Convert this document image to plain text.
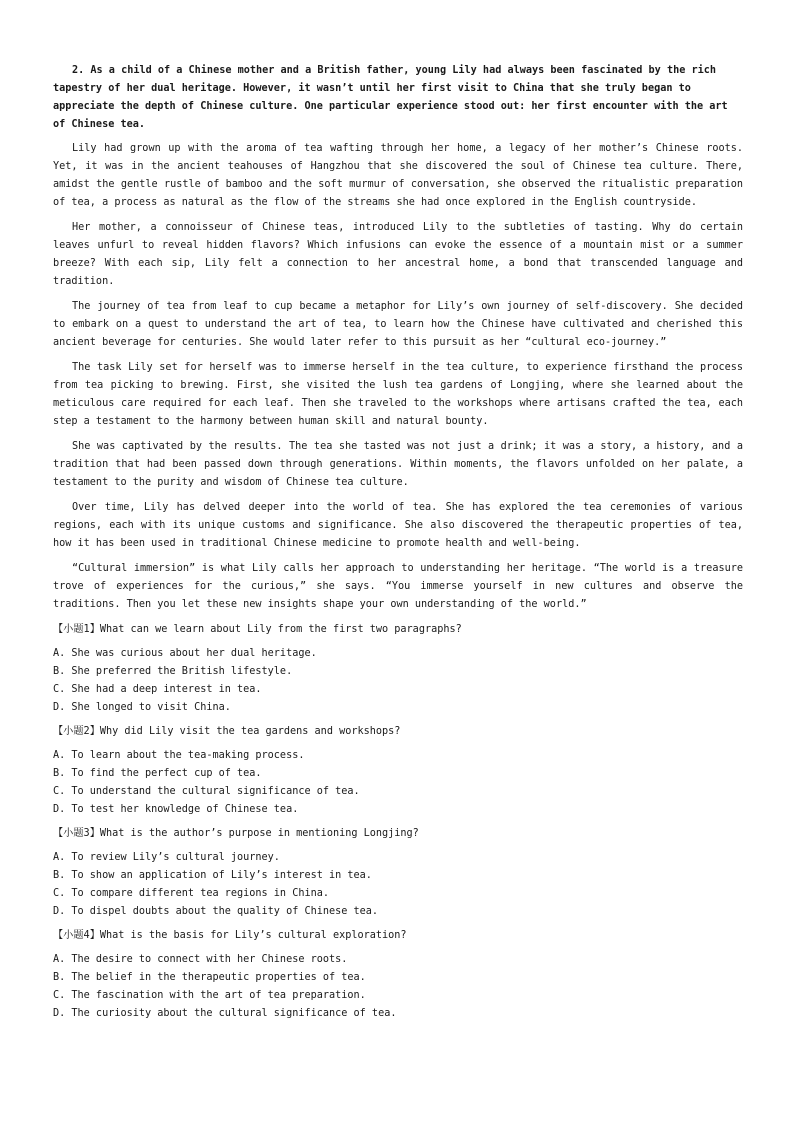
2. As a child of a Chinese mother and a British father, young Lily had always been fascinated by the rich tapestry of her dual heritage. However, it wasn’t until her first visit to China that she truly began to appreciate the depth of Chinese culture. One particular experience stood out: her first encounter with the art of Chinese tea.

Lily had grown up with the aroma of tea wafting through her home, a legacy of her mother’s Chinese roots. Yet, it was in the ancient teahouses of Hangzhou that she discovered the soul of Chinese tea culture. There, amidst the gentle rustle of bamboo and the soft murmur of conversation, she observed the ritualistic preparation of tea, a process as natural as the flow of the streams she had once explored in the English countryside.

Her mother, a connoisseur of Chinese teas, introduced Lily to the subtleties of tasting. Why do certain leaves unfurl to reveal hidden flavors? Which infusions can evoke the essence of a mountain mist or a summer breeze? With each sip, Lily felt a connection to her ancestral home, a bond that transcended language and tradition.

The journey of tea from leaf to cup became a metaphor for Lily’s own journey of self-discovery. She decided to embark on a quest to understand the art of tea, to learn how the Chinese have cultivated and cherished this ancient beverage for centuries. She would later refer to this pursuit as her “cultural eco-journey.”

The task Lily set for herself was to immerse herself in the tea culture, to experience firsthand the process from tea picking to brewing. First, she visited the lush tea gardens of Longjing, where she learned about the meticulous care required for each leaf. Then she traveled to the workshops where artisans crafted the tea, each step a testament to the harmony between human skill and natural bounty.

She was captivated by the results. The tea she tasted was not just a drink; it was a story, a history, and a tradition that had been passed down through generations. Within moments, the flavors unfolded on her palate, a testament to the purity and wisdom of Chinese tea culture.

Over time, Lily has delved deeper into the world of tea. She has explored the tea ceremonies of various regions, each with its unique customs and significance. She also discovered the therapeutic properties of tea, how it has been used in traditional Chinese medicine to promote health and well-being.

“Cultural immersion” is what Lily calls her approach to understanding her heritage. “The world is a treasure trove of experiences for the curious,” she says. “You immerse yourself in new cultures and observe the traditions. Then you let these new insights shape your own understanding of the world.”

【小题1】What can we learn about Lily from the first two paragraphs?

A. She was curious about her dual heritage.

B. She preferred the British lifestyle.

C. She had a deep interest in tea.

D. She longed to visit China.

【小题2】Why did Lily visit the tea gardens and workshops?

A. To learn about the tea-making process.

B. To find the perfect cup of tea.

C. To understand the cultural significance of tea.

D. To test her knowledge of Chinese tea.

【小题3】What is the author’s purpose in mentioning Longjing?

A. To review Lily’s cultural journey.

B. To show an application of Lily’s interest in tea.

C. To compare different tea regions in China.

D. To dispel doubts about the quality of Chinese tea.

【小题4】What is the basis for Lily’s cultural exploration?

A. The desire to connect with her Chinese roots.

B. The belief in the therapeutic properties of tea.

C. The fascination with the art of tea preparation.

D. The curiosity about the cultural significance of tea.
